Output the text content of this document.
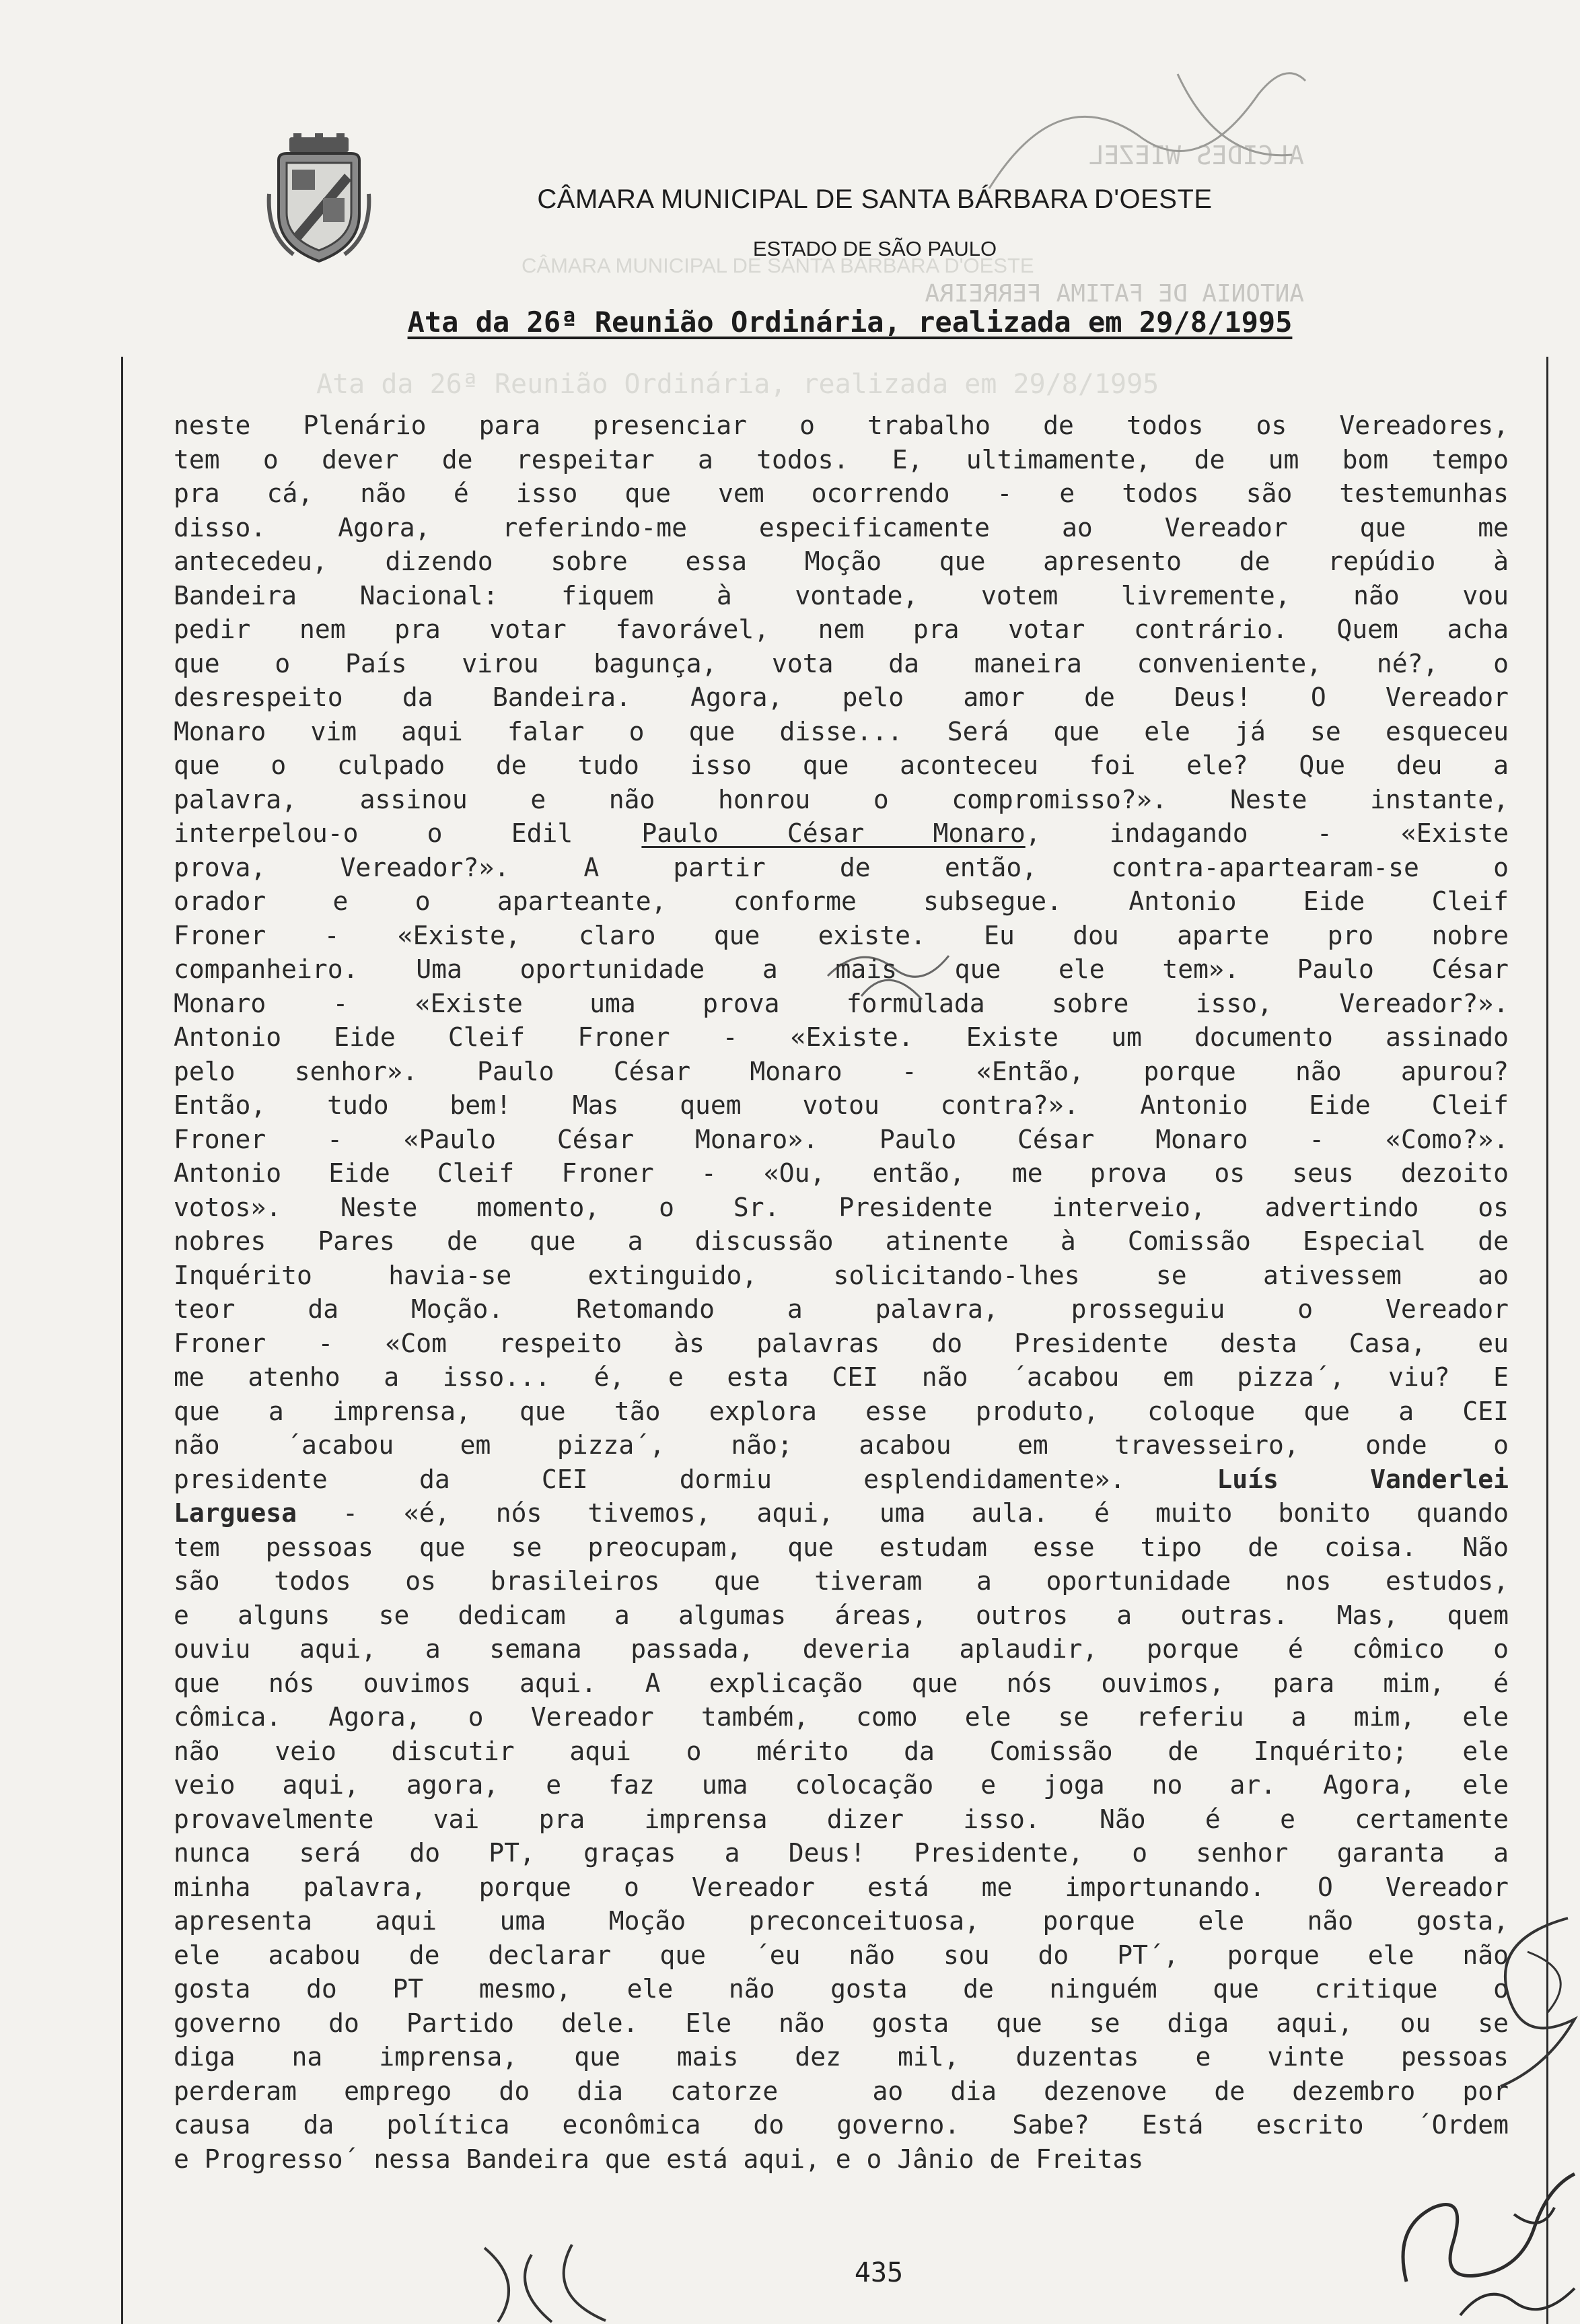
ALCIDES WIEZEL
ANTONIA DE FATIMA FERREIRA
CÂMARA MUNICIPAL DE SANTA BÁRBARA D'OESTE
Ata da 26ª Reunião Ordinária, realizada em 29/8/1995
CÂMARA MUNICIPAL DE SANTA BÁRBARA D'OESTE
ESTADO DE SÃO PAULO
Ata da 26ª Reunião Ordinária, realizada em 29/8/1995
neste Plenário para presenciar o trabalho de todos os Vereadores,
tem o dever de respeitar a todos. E, ultimamente, de um bom tempo
pra cá, não é isso que vem ocorrendo - e todos são testemunhas
disso. Agora, referindo-me especificamente ao Vereador que me
antecedeu, dizendo sobre essa Moção que apresento de repúdio à
Bandeira Nacional: fiquem à vontade, votem livremente, não vou
pedir nem pra votar favorável, nem pra votar contrário. Quem acha
que o País virou bagunça, vota da maneira conveniente, né?, o
desrespeito da Bandeira. Agora, pelo amor de Deus! O Vereador
Monaro vim aqui falar o que disse... Será que ele já se esqueceu
que o culpado de tudo isso que aconteceu foi ele? Que deu a
palavra, assinou e não honrou o compromisso?». Neste instante,
interpelou-o o Edil Paulo César Monaro, indagando - «Existe
prova, Vereador?». A partir de então, contra-apartearam-se o
orador e o aparteante, conforme subsegue. Antonio Eide Cleif
Froner - «Existe, claro que existe. Eu dou aparte pro nobre
companheiro. Uma oportunidade a mais que ele tem». Paulo César
Monaro - «Existe uma prova formulada sobre isso, Vereador?».
Antonio Eide Cleif Froner - «Existe. Existe um documento assinado
pelo senhor». Paulo César Monaro - «Então, porque não apurou?
Então, tudo bem! Mas quem votou contra?». Antonio Eide Cleif
Froner - «Paulo César Monaro». Paulo César Monaro - «Como?».
Antonio Eide Cleif Froner - «Ou, então, me prova os seus dezoito
votos». Neste momento, o Sr. Presidente interveio, advertindo os
nobres Pares de que a discussão atinente à Comissão Especial de
Inquérito havia-se extinguido, solicitando-lhes se ativessem ao
teor da Moção. Retomando a palavra, prosseguiu o Vereador
Froner - «Com respeito às palavras do Presidente desta Casa, eu
me atenho a isso... é, e esta CEI não ´acabou em pizza´, viu? E
que a imprensa, que tão explora esse produto, coloque que a CEI
não ´acabou em pizza´, não; acabou em travesseiro, onde o
presidente da CEI dormiu esplendidamente». Luís Vanderlei
Larguesa - «é, nós tivemos, aqui, uma aula. é muito bonito quando
tem pessoas que se preocupam, que estudam esse tipo de coisa. Não
são todos os brasileiros que tiveram a oportunidade nos estudos,
e alguns se dedicam a algumas áreas, outros a outras. Mas, quem
ouviu aqui, a semana passada, deveria aplaudir, porque é cômico o
que nós ouvimos aqui. A explicação que nós ouvimos, para mim, é
cômica. Agora, o Vereador também, como ele se referiu a mim, ele
não veio discutir aqui o mérito da Comissão de Inquérito; ele
veio aqui, agora, e faz uma colocação e joga no ar. Agora, ele
provavelmente vai pra imprensa dizer isso. Não é e certamente
nunca será do PT, graças a Deus! Presidente, o senhor garanta a
minha palavra, porque o Vereador está me importunando. O Vereador
apresenta aqui uma Moção preconceituosa, porque ele não gosta,
ele acabou de declarar que ´eu não sou do PT´, porque ele não
gosta do PT mesmo, ele não gosta de ninguém que critique o
governo do Partido dele. Ele não gosta que se diga aqui, ou se
diga na imprensa, que mais dez mil, duzentas e vinte pessoas
perderam emprego do dia catorze  ao dia dezenove de dezembro por
causa da política econômica do governo. Sabe? Está escrito ´Ordem
e Progresso´ nessa Bandeira que está aqui, e o Jânio de Freitas
435
